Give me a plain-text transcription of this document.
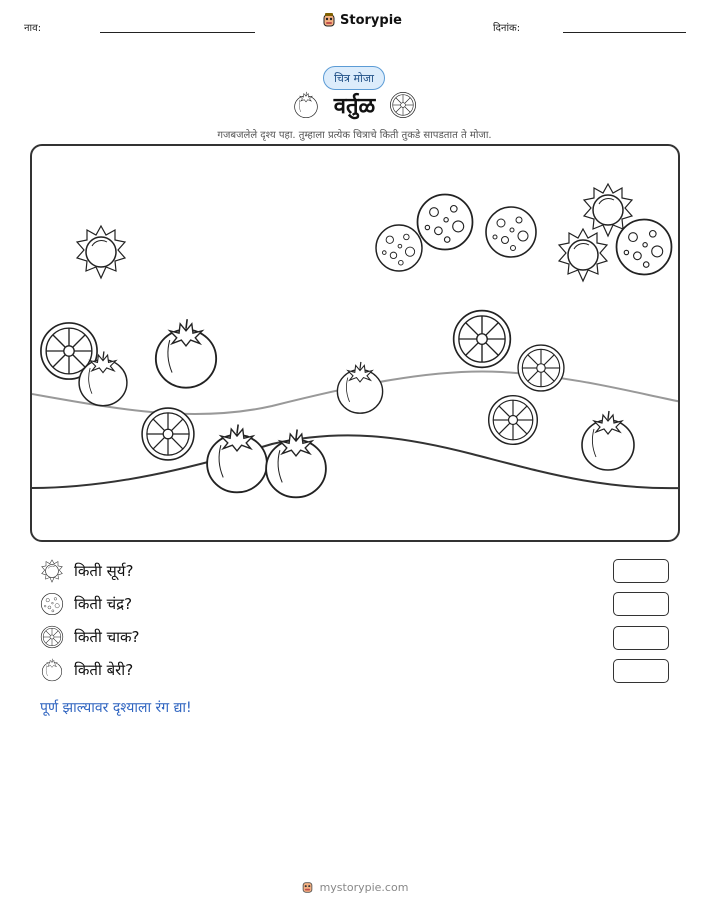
नाव:
Storypie
दिनांक:
चित्र मोजा
वर्तुळ
गजबजलेले दृश्य पहा. तुम्हाला प्रत्येक चित्राचे किती तुकडे सापडतात ते मोजा.
किती सूर्य?
किती चंद्र?
किती चाक?
किती बेरी?
पूर्ण झाल्यावर दृश्याला रंग द्या!
mystorypie.com
